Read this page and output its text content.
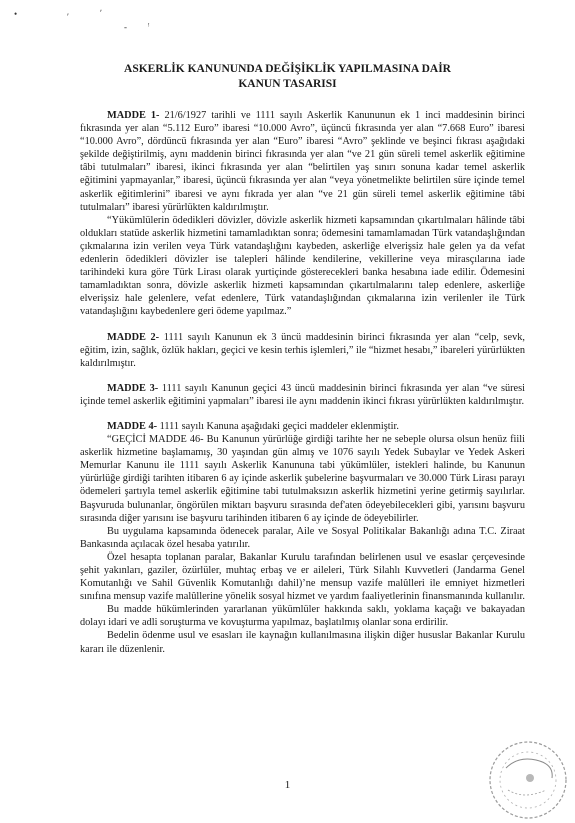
•	′	ʹ
- ᵎ
ASKERLİK KANUNUNDA DEĞİŞİKLİK YAPILMASINA DAİR
KANUN TASARISI

MADDE 1- 21/6/1927 tarihli ve 1111 sayılı Askerlik Kanununun ek 1 inci maddesinin birinci fıkrasında yer alan “5.112 Euro” ibaresi “10.000 Avro”, üçüncü fıkrasında yer alan “7.668 Euro” ibaresi “10.000 Avro”, dördüncü fıkrasında yer alan “Euro” ibaresi “Avro” şeklinde ve beşinci fıkrası aşağıdaki şekilde değiştirilmiş, aynı maddenin birinci fıkrasında yer alan “ve 21 gün süreli temel askerlik eğitimine tâbi tutulmaları” ibaresi, ikinci fıkrasında yer alan “belirtilen yaş sınırı sonuna kadar temel askerlik eğitimini yapmayanlar,” ibaresi, üçüncü fıkrasında yer alan “veya yönetmelikte belirtilen süre içinde temel askerlik eğitimlerini” ibaresi ve aynı fıkrada yer alan “ve 21 gün süreli temel askerlik eğitimine tâbi tutulmaları” ibaresi yürürlükten kaldırılmıştır.

“Yükümlülerin ödedikleri dövizler, dövizle askerlik hizmeti kapsamından çıkartılmaları hâlinde tâbi oldukları statüde askerlik hizmetini tamamladıktan sonra; ödemesini tamamlamadan Türk vatandaşlığından çıkmalarına izin verilen veya Türk vatandaşlığını kaybeden, askerliğe elverişsiz hale gelen ya da vefat edenlerin ödedikleri dövizler ise talepleri hâlinde kendilerine, vekillerine veya mirasçılarına iade tarihindeki kura göre Türk Lirası olarak yurtiçinde gösterecekleri banka hesabına iade edilir. Ödemesini tamamladıktan sonra, dövizle askerlik hizmeti kapsamından çıkartılmalarını talep edenlere, askerliğe elverişsiz hale gelenlere, vefat edenlere, Türk vatandaşlığından çıkmalarına izin verilenler ile Türk vatandaşlığını kaybedenlere geri ödeme yapılmaz.”

MADDE 2- 1111 sayılı Kanunun ek 3 üncü maddesinin birinci fıkrasında yer alan “celp, sevk, eğitim, izin, sağlık, özlük hakları, geçici ve kesin terhis işlemleri,” ile “hizmet hesabı,” ibareleri yürürlükten kaldırılmıştır.

MADDE 3- 1111 sayılı Kanunun geçici 43 üncü maddesinin birinci fıkrasında yer alan “ve süresi içinde temel askerlik eğitimini yapmaları” ibaresi ile aynı maddenin ikinci fıkrası yürürlükten kaldırılmıştır.

MADDE 4- 1111 sayılı Kanuna aşağıdaki geçici maddeler eklenmiştir.

“GEÇİCİ MADDE 46- Bu Kanunun yürürlüğe girdiği tarihte her ne sebeple olursa olsun henüz fiili askerlik hizmetine başlamamış, 30 yaşından gün almış ve 1076 sayılı Yedek Subaylar ve Yedek Askeri Memurlar Kanunu ile 1111 sayılı Askerlik Kanununa tabi yükümlüler, istekleri halinde, bu Kanunun yürürlüğe girdiği tarihten itibaren 6 ay içinde askerlik şubelerine başvurmaları ve 30.000 Türk Lirası parayı ödemeleri şartıyla temel askerlik eğitimine tabi tutulmaksızın askerlik hizmetini yerine getirmiş sayılırlar. Başvuruda bulunanlar, öngörülen miktarı başvuru sırasında def'aten ödeyebilecekleri gibi, yarısını başvuru sırasında diğer yarısını ise başvuru tarihinden itibaren 6 ay içinde de ödeyebilirler.

Bu uygulama kapsamında ödenecek paralar, Aile ve Sosyal Politikalar Bakanlığı adına T.C. Ziraat Bankasında açılacak özel hesaba yatırılır.

Özel hesapta toplanan paralar, Bakanlar Kurulu tarafından belirlenen usul ve esaslar çerçevesinde şehit yakınları, gaziler, özürlüler, muhtaç erbaş ve er aileleri, Türk Silahlı Kuvvetleri (Jandarma Genel Komutanlığı ve Sahil Güvenlik Komutanlığı dahil)’ne mensup vazife malûlleri ile emniyet hizmetleri sınıfına mensup vazife malûllerine yönelik sosyal hizmet ve yardım faaliyetlerinin finansmanında kullanılır.

Bu madde hükümlerinden yararlanan yükümlüler hakkında saklı, yoklama kaçağı ve bakayadan dolayı idari ve adli soruşturma ve kovuşturma yapılmaz, başlatılmış olanlar sona erdirilir.

Bedelin ödenme usul ve esasları ile kaynağın kullanılmasına ilişkin diğer hususlar Bakanlar Kurulu kararı ile düzenlenir.

1
